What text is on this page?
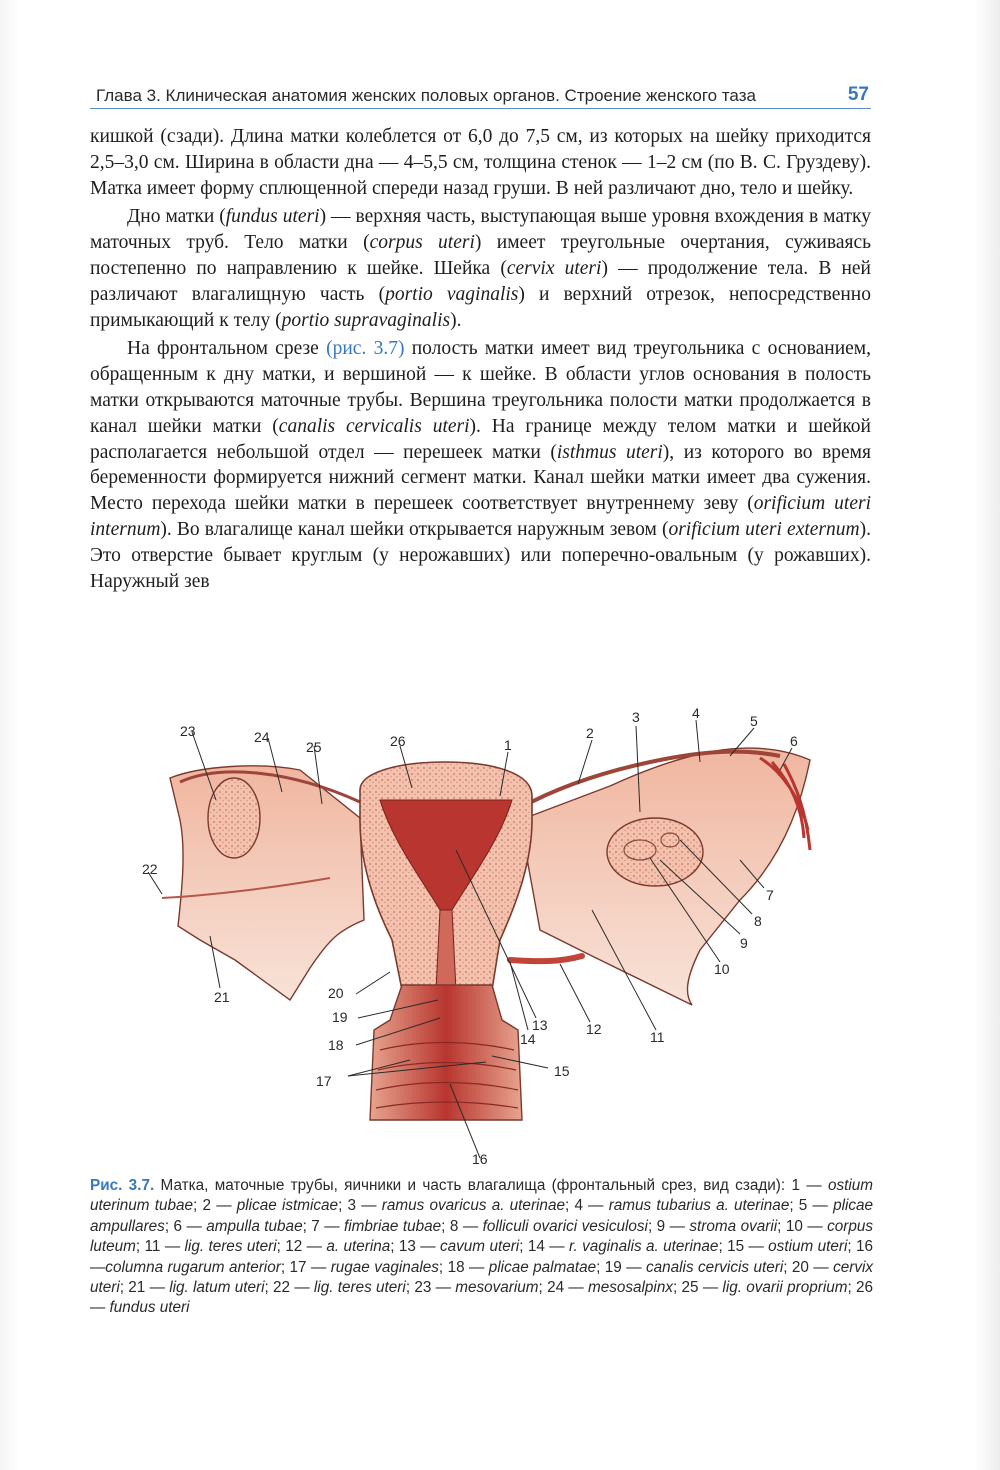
Глава 3. Клиническая анатомия женских половых органов. Строение женского таза	57

кишкой (сзади). Длина матки колеблется от 6,0 до 7,5 см, из которых на шейку приходится 2,5–3,0 см. Ширина в области дна — 4–5,5 см, толщина стенок — 1–2 см (по В. С. Груздеву). Матка имеет форму сплющенной спереди назад груши. В ней различают дно, тело и шейку.

Дно матки (fundus uteri) — верхняя часть, выступающая выше уровня вхождения в матку маточных труб. Тело матки (corpus uteri) имеет треугольные очертания, суживаясь постепенно по направлению к шейке. Шейка (cervix uteri) — продолжение тела. В ней различают влагалищную часть (portio vaginalis) и верхний отрезок, непосредственно примыкающий к телу (portio supravaginalis).

На фронтальном срезе (рис. 3.7) полость матки имеет вид треугольника с основанием, обращенным к дну матки, и вершиной — к шейке. В области углов основания в полость матки открываются маточные трубы. Вершина треугольника полости матки продолжается в канал шейки матки (canalis cervicalis uteri). На границе между телом матки и шейкой располагается небольшой отдел — перешеек матки (isthmus uteri), из которого во время беременности формируется нижний сегмент матки. Канал шейки матки имеет два сужения. Место перехода шейки матки в перешеек соответствует внутреннему зеву (orificium uteri internum). Во влагалище канал шейки открывается наружным зевом (orificium uteri externum). Это отверстие бывает круглым (у нерожавших) или поперечно-овальным (у рожавших). Наружный зев

1
2
3	4	5
6
7
8
9
10
11
12
13
14
15
16
17
18
19
20
21
22
23	24
25	26
Рис. 3.7. Матка, маточные трубы, яичники и часть влагалища (фронтальный срез, вид сзади): 1 — ostium uterinum tubae; 2 — plicae istmicae; 3 — ramus ovaricus a. uterinae; 4 — ramus tubarius a. uterinae; 5 — plicae ampullares; 6 — ampulla tubae; 7 — fimbriae tubae; 8 — folliculi ovarici vesiculosi; 9 — stroma ovarii; 10 — corpus luteum; 11 — lig. teres uteri; 12 — a. uterina; 13 — cavum uteri; 14 — r. vaginalis a. uterinae; 15 — ostium uteri; 16 —columna rugarum anterior; 17 — rugae vaginales; 18 — plicae palmatae; 19 — canalis cervicis uteri; 20 — cervix uteri; 21 — lig. latum uteri; 22 — lig. teres uteri; 23 — mesovarium; 24 — mesosalpinx; 25 — lig. ovarii proprium; 26 — fundus uteri
